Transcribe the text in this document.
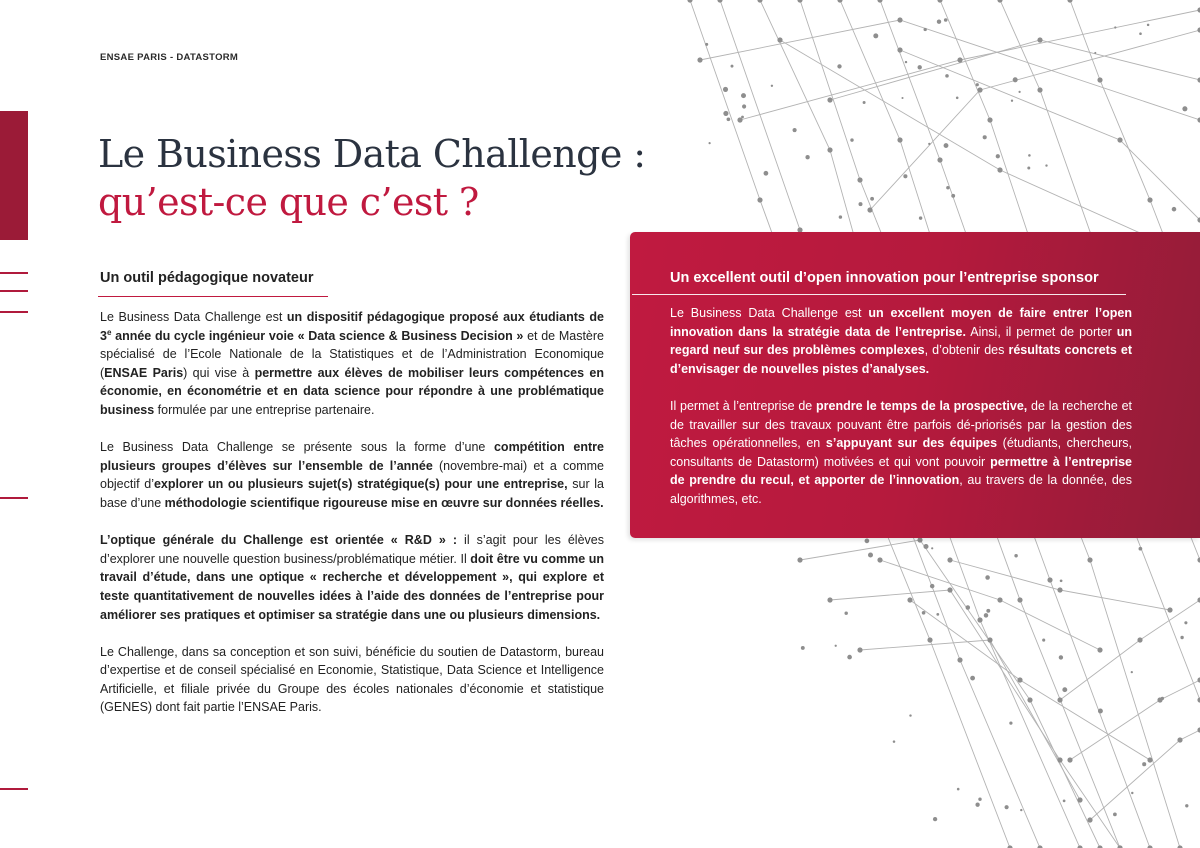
ENSAE PARIS - DATASTORM
Le Business Data Challenge :
qu’est-ce que c’est ?
Un outil pédagogique novateur

Le Business Data Challenge est un dispositif pédagogique proposé aux étudiants de 3e année du cycle ingénieur voie « Data science & Business Decision » et de Mastère spécialisé de l’Ecole Nationale de la Statistiques et de l’Administration Economique (ENSAE Paris) qui vise à permettre aux élèves de mobiliser leurs compétences en économie, en économétrie et en data science pour répondre à une problématique business formulée par une entreprise partenaire.

Le Business Data Challenge se présente sous la forme d’une compétition entre plusieurs groupes d’élèves sur l’ensemble de l’année (novembre-mai) et a comme objectif d’explorer un ou plusieurs sujet(s) stratégique(s) pour une entreprise, sur la base d’une méthodologie scientifique rigoureuse mise en œuvre sur données réelles.

L’optique générale du Challenge est orientée « R&D » : il s’agit pour les élèves d’explorer une nouvelle question business/problématique métier. Il doit être vu comme un travail d’étude, dans une optique « recherche et développement », qui explore et teste quantitativement de nouvelles idées à l’aide des données de l’entreprise pour améliorer ses pratiques et optimiser sa stratégie dans une ou plusieurs dimensions.

Le Challenge, dans sa conception et son suivi, bénéficie du soutien de Datastorm, bureau d’expertise et de conseil spécialisé en Economie, Statistique, Data Science et Intelligence Artificielle, et filiale privée du Groupe des écoles nationales d’économie et statistique (GENES) dont fait partie l’ENSAE Paris.

Un excellent outil d’open innovation pour l’entreprise sponsor

Le Business Data Challenge est un excellent moyen de faire entrer l’open innovation dans la stratégie data de l’entreprise. Ainsi, il permet de porter un regard neuf sur des problèmes complexes, d’obtenir des résultats concrets et d’envisager de nouvelles pistes d’analyses.

Il permet à l’entreprise de prendre le temps de la prospective, de la recherche et de travailler sur des travaux pouvant être parfois dé-priorisés par la gestion des tâches opérationnelles, en s’appuyant sur des équipes (étudiants, chercheurs, consultants de Datastorm) motivées et qui vont pouvoir permettre à l’entreprise de prendre du recul, et apporter de l’innovation, au travers de la donnée, des algorithmes, etc.
